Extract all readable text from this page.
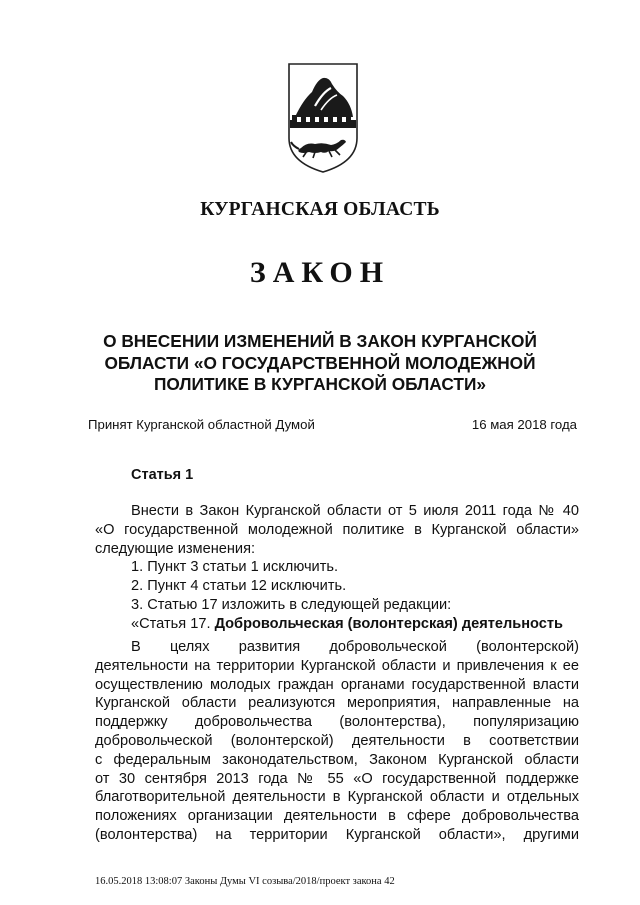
КУРГАНСКАЯ ОБЛАСТЬ
ЗАКОН
О ВНЕСЕНИИ ИЗМЕНЕНИЙ В ЗАКОН КУРГАНСКОЙ
ОБЛАСТИ «О ГОСУДАРСТВЕННОЙ МОЛОДЕЖНОЙ
ПОЛИТИКЕ В КУРГАНСКОЙ ОБЛАСТИ»
Принят Курганской областной Думой	16 мая 2018 года
Статья 1
Внести в Закон Курганской области от 5 июля 2011 года № 40
«О государственной молодежной политике в Курганской области»
следующие изменения:
1. Пункт 3 статьи 1 исключить.
2. Пункт 4 статьи 12 исключить.
3. Статью 17 изложить в следующей редакции:
«Статья 17. Добровольческая (волонтерская) деятельность
В целях развития добровольческой (волонтерской)
деятельности на территории Курганской области и привлечения к ее
осуществлению молодых граждан органами государственной власти
Курганской области реализуются мероприятия, направленные на
поддержку добровольчества (волонтерства), популяризацию
добровольческой (волонтерской) деятельности в соответствии
с федеральным законодательством, Законом Курганской области
от 30 сентября 2013 года № 55 «О государственной поддержке
благотворительной деятельности в Курганской области и отдельных
положениях организации деятельности в сфере добровольчества
(волонтерства) на территории Курганской области», другими
16.05.2018 13:08:07 Законы Думы VI созыва/2018/проект закона 42
